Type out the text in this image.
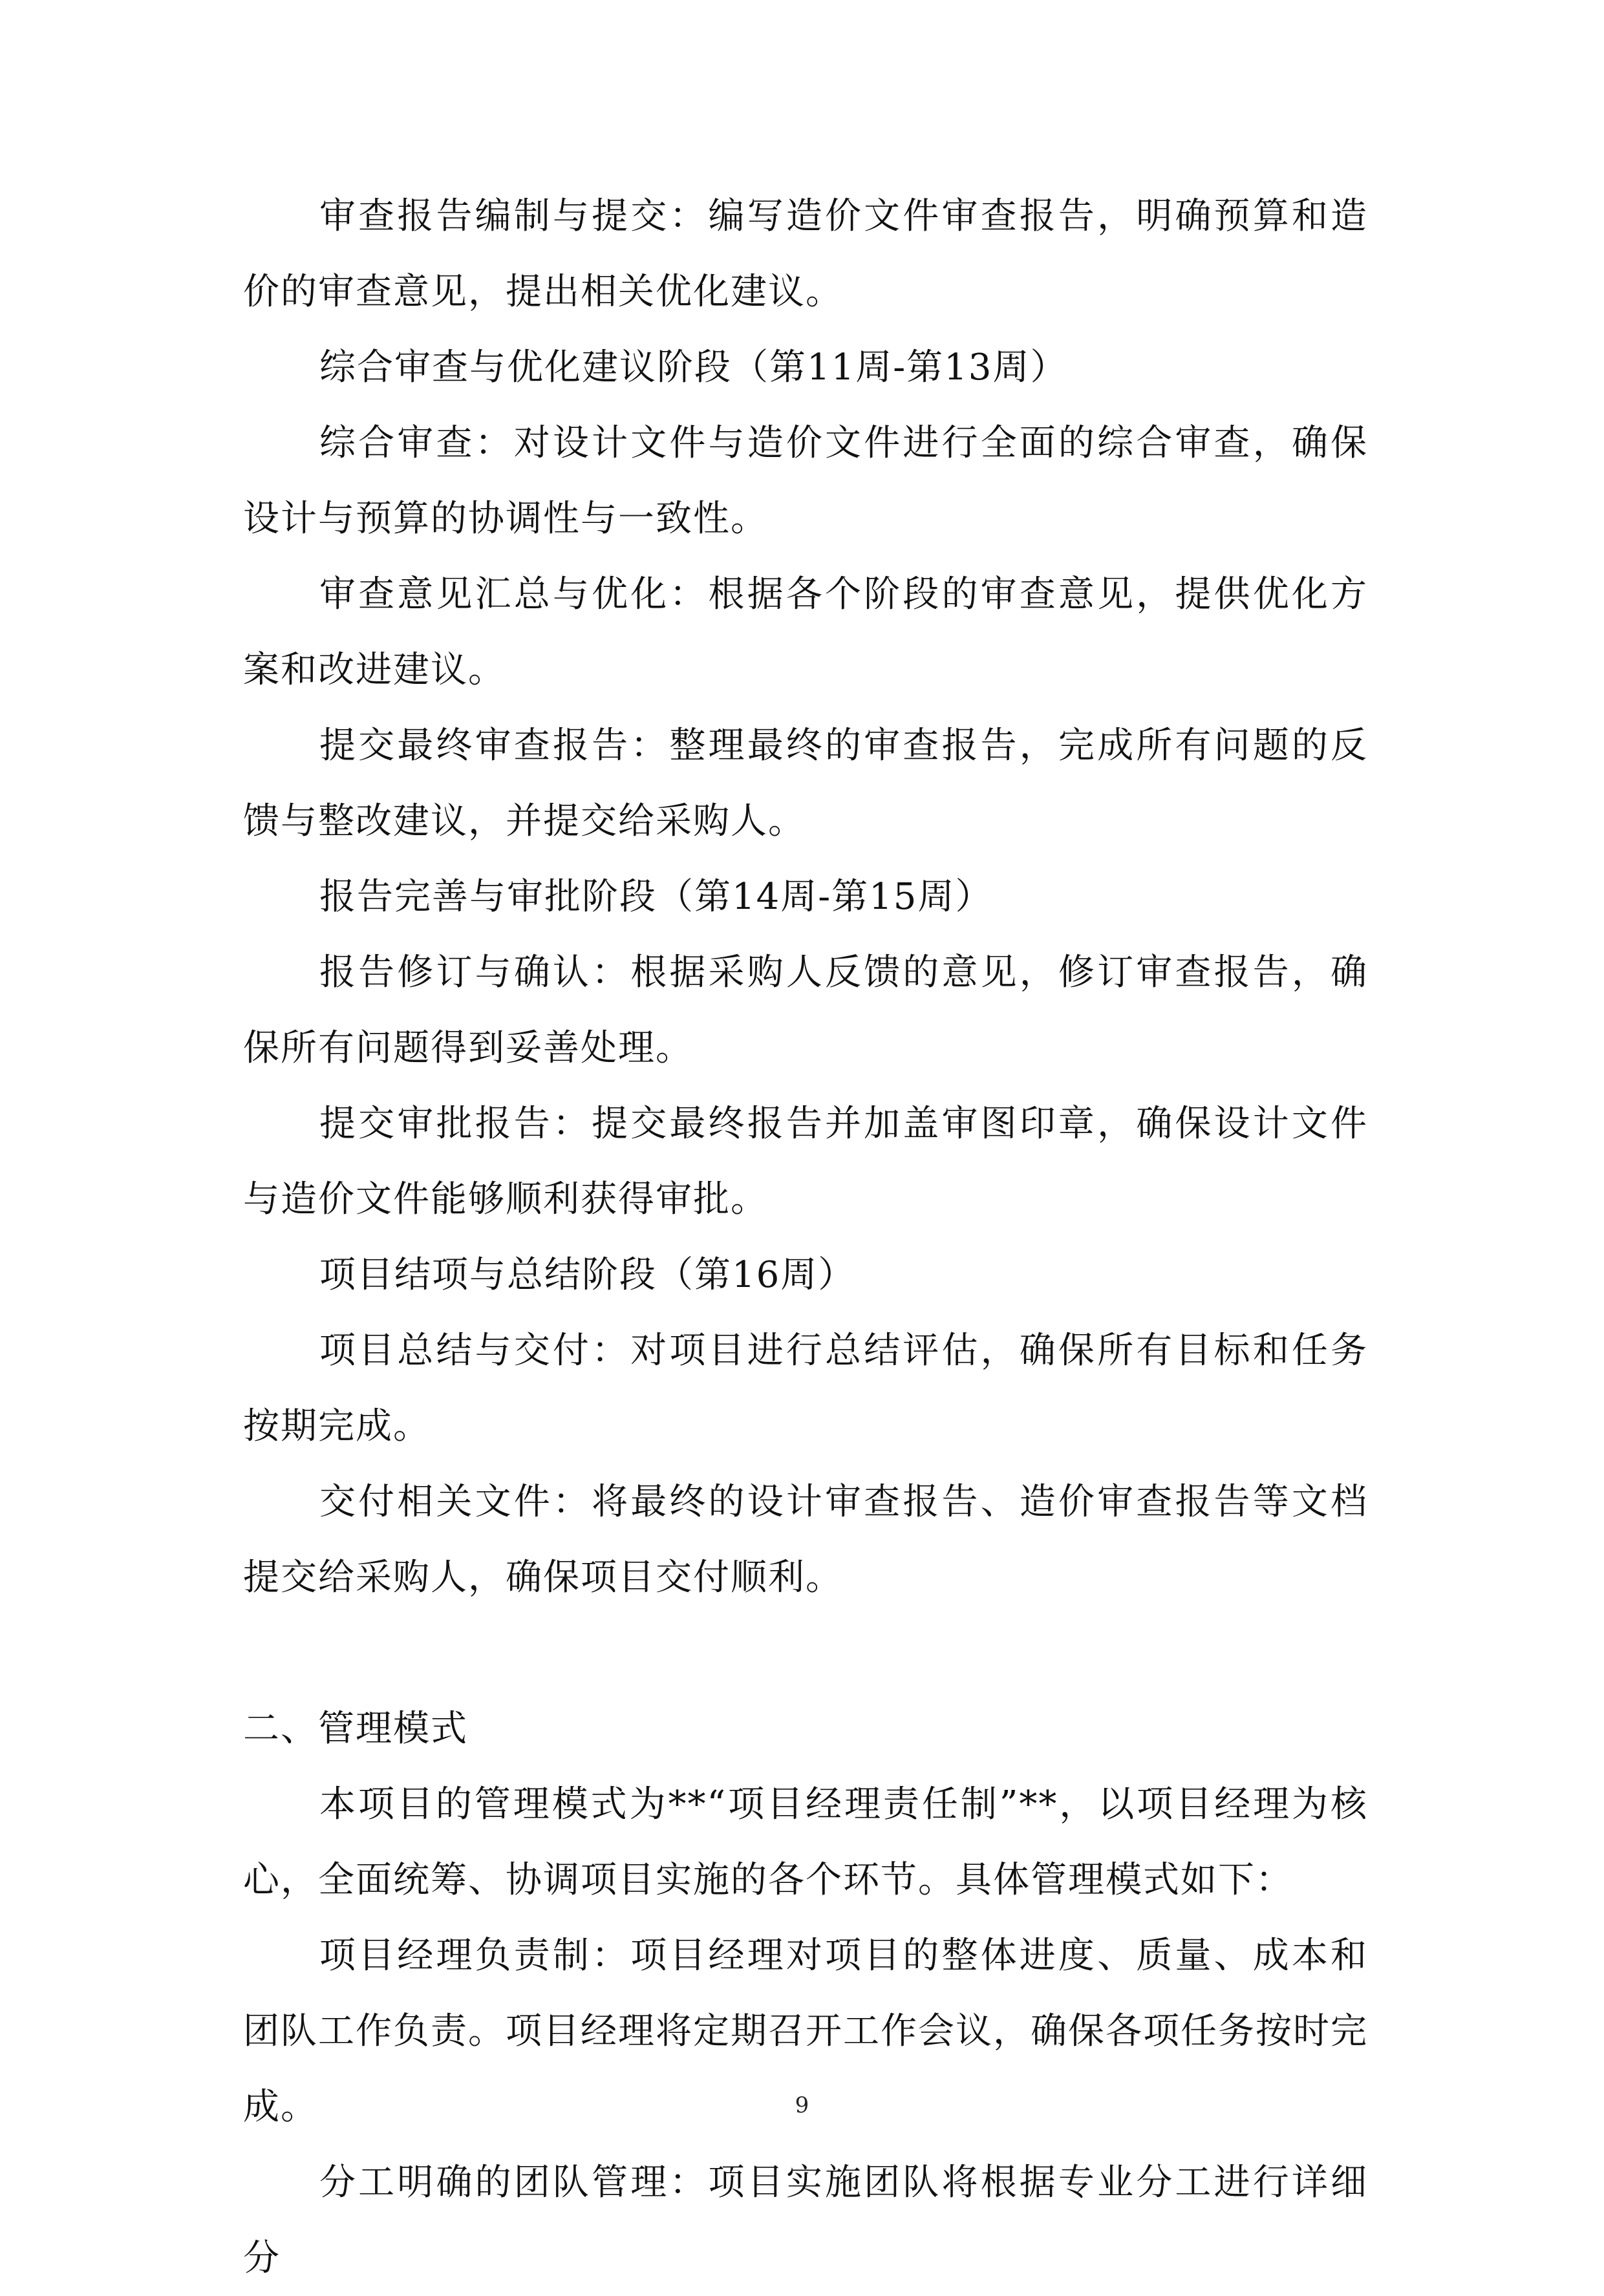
审查报告编制与提交：编写造价文件审查报告，明确预算和造价的审查意见，提出相关优化建议。

综合审查与优化建议阶段（第11周-第13周）

综合审查：对设计文件与造价文件进行全面的综合审查，确保设计与预算的协调性与一致性。

审查意见汇总与优化：根据各个阶段的审查意见，提供优化方案和改进建议。

提交最终审查报告：整理最终的审查报告，完成所有问题的反馈与整改建议，并提交给采购人。

报告完善与审批阶段（第14周-第15周）

报告修订与确认：根据采购人反馈的意见，修订审查报告，确保所有问题得到妥善处理。

提交审批报告：提交最终报告并加盖审图印章，确保设计文件与造价文件能够顺利获得审批。

项目结项与总结阶段（第16周）

项目总结与交付：对项目进行总结评估，确保所有目标和任务按期完成。

交付相关文件：将最终的设计审查报告、造价审查报告等文档提交给采购人，确保项目交付顺利。

二、管理模式

本项目的管理模式为**“项目经理责任制”**，以项目经理为核心，全面统筹、协调项目实施的各个环节。具体管理模式如下：

项目经理负责制：项目经理对项目的整体进度、质量、成本和团队工作负责。项目经理将定期召开工作会议，确保各项任务按时完成。

分工明确的团队管理：项目实施团队将根据专业分工进行详细分

9
